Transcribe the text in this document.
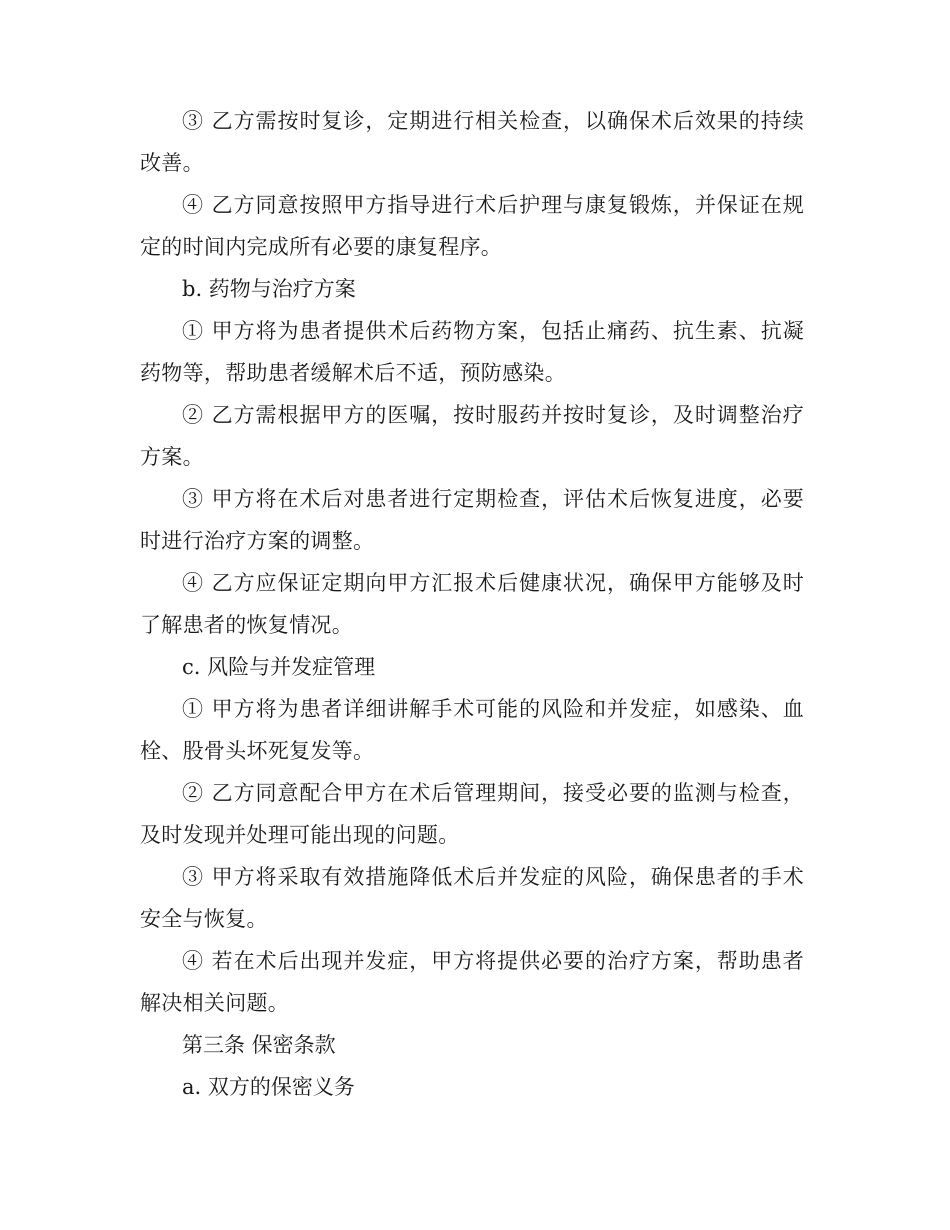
③ 乙方需按时复诊，定期进行相关检查，以确保术后效果的持续改善。

④ 乙方同意按照甲方指导进行术后护理与康复锻炼，并保证在规定的时间内完成所有必要的康复程序。

b. 药物与治疗方案

① 甲方将为患者提供术后药物方案，包括止痛药、抗生素、抗凝药物等，帮助患者缓解术后不适，预防感染。

② 乙方需根据甲方的医嘱，按时服药并按时复诊，及时调整治疗方案。

③ 甲方将在术后对患者进行定期检查，评估术后恢复进度，必要时进行治疗方案的调整。

④ 乙方应保证定期向甲方汇报术后健康状况，确保甲方能够及时了解患者的恢复情况。

c. 风险与并发症管理

① 甲方将为患者详细讲解手术可能的风险和并发症，如感染、血栓、股骨头坏死复发等。

② 乙方同意配合甲方在术后管理期间，接受必要的监测与检查，及时发现并处理可能出现的问题。

③ 甲方将采取有效措施降低术后并发症的风险，确保患者的手术安全与恢复。

④ 若在术后出现并发症，甲方将提供必要的治疗方案，帮助患者解决相关问题。

第三条 保密条款

a. 双方的保密义务
